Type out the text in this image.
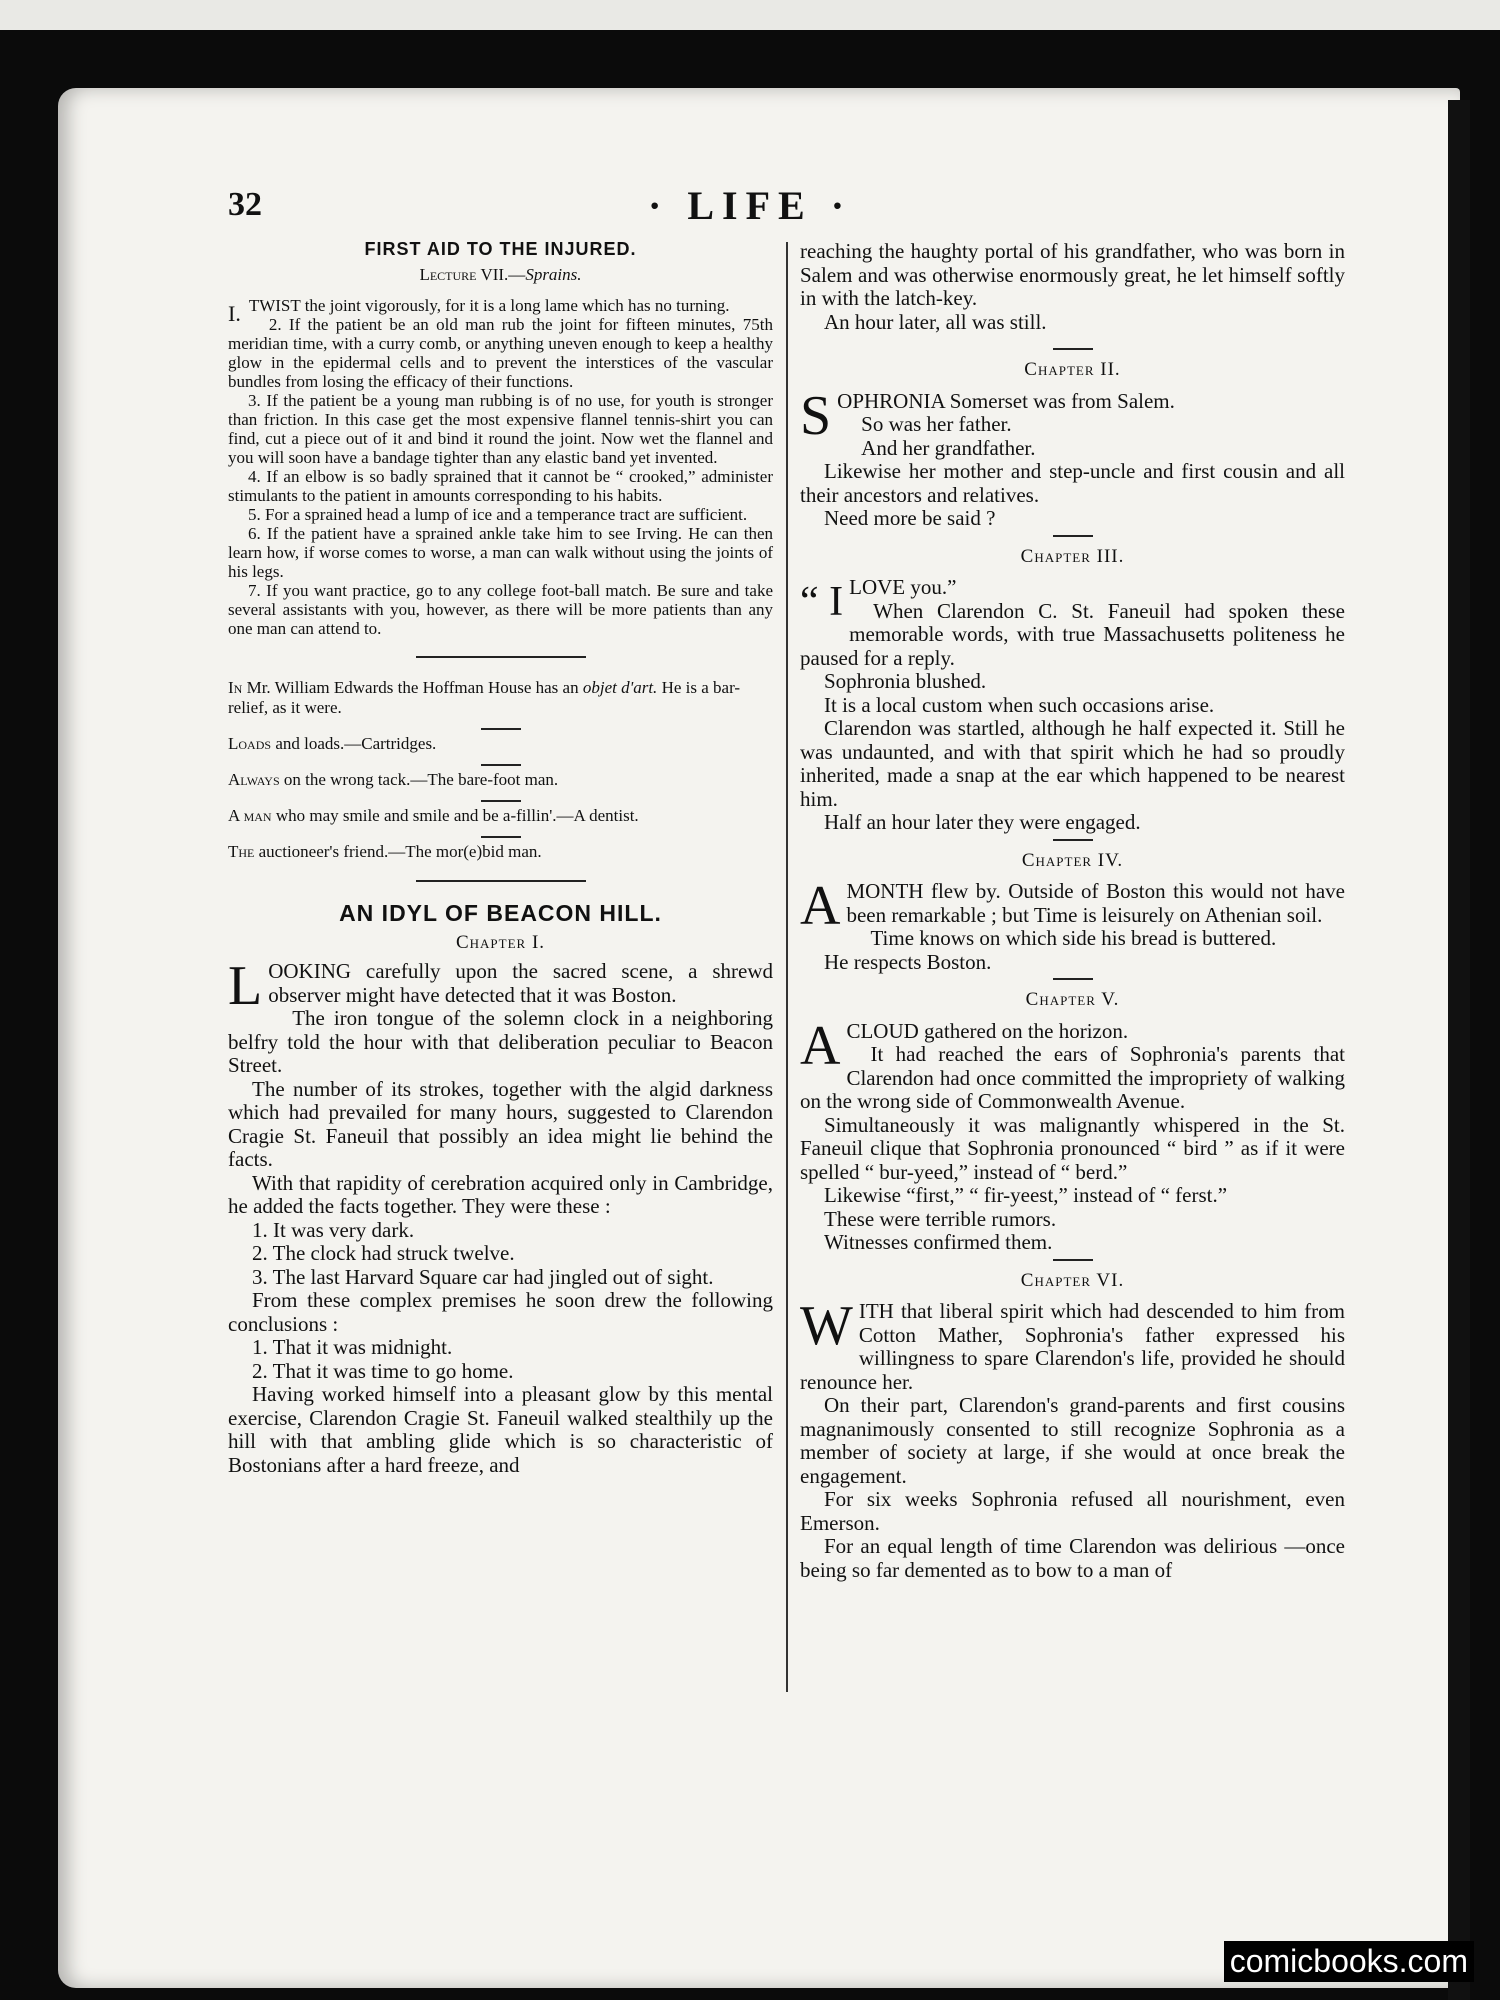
32	· LIFE ·
FIRST AID TO THE INJURED.
Lecture VII.—Sprains.

I. TWIST the joint vigorously, for it is a long lame which has no turning.

2. If the patient be an old man rub the joint for fifteen minutes, 75th meridian time, with a curry comb, or anything uneven enough to keep a healthy glow in the epidermal cells and to prevent the interstices of the vascular bundles from losing the efficacy of their functions.

3. If the patient be a young man rubbing is of no use, for youth is stronger than friction. In this case get the most expensive flannel tennis-shirt you can find, cut a piece out of it and bind it round the joint. Now wet the flannel and you will soon have a bandage tighter than any elastic band yet invented.

4. If an elbow is so badly sprained that it cannot be “ crooked,” administer stimulants to the patient in amounts corresponding to his habits.

5. For a sprained head a lump of ice and a temperance tract are sufficient.

6. If the patient have a sprained ankle take him to see Irving. He can then learn how, if worse comes to worse, a man can walk without using the joints of his legs.

7. If you want practice, go to any college foot-ball match. Be sure and take several assistants with you, however, as there will be more patients than any one man can attend to.

In Mr. William Edwards the Hoffman House has an objet d'art. He is a bar-relief, as it were.

Loads and loads.—Cartridges.

Always on the wrong tack.—The bare-foot man.

A man who may smile and smile and be a-fillin'.—A dentist.

The auctioneer's friend.—The mor(e)bid man.

AN IDYL OF BEACON HILL.
Chapter I.

LOOKING carefully upon the sacred scene, a shrewd observer might have detected that it was Boston.

The iron tongue of the solemn clock in a neighboring belfry told the hour with that deliberation peculiar to Beacon Street.

The number of its strokes, together with the algid darkness which had prevailed for many hours, suggested to Clarendon Cragie St. Faneuil that possibly an idea might lie behind the facts.

With that rapidity of cerebration acquired only in Cambridge, he added the facts together. They were these :

1. It was very dark.

2. The clock had struck twelve.

3. The last Harvard Square car had jingled out of sight.

From these complex premises he soon drew the following conclusions :

1. That it was midnight.

2. That it was time to go home.

Having worked himself into a pleasant glow by this mental exercise, Clarendon Cragie St. Faneuil walked stealthily up the hill with that ambling glide which is so characteristic of Bostonians after a hard freeze, and

reaching the haughty portal of his grandfather, who was born in Salem and was otherwise enormously great, he let himself softly in with the latch-key.

An hour later, all was still.

Chapter II.

SOPHRONIA Somerset was from Salem.

So was her father.

And her grandfather.

Likewise her mother and step-uncle and first cousin and all their ancestors and relatives.

Need more be said ?

Chapter III.

“ I LOVE you.”

When Clarendon C. St. Faneuil had spoken these memorable words, with true Massachusetts politeness he paused for a reply.

Sophronia blushed.

It is a local custom when such occasions arise.

Clarendon was startled, although he half expected it. Still he was undaunted, and with that spirit which he had so proudly inherited, made a snap at the ear which happened to be nearest him.

Half an hour later they were engaged.

Chapter IV.

AMONTH flew by. Outside of Boston this would not have been remarkable ; but Time is leisurely on Athenian soil.

Time knows on which side his bread is buttered.

He respects Boston.

Chapter V.

ACLOUD gathered on the horizon.

It had reached the ears of Sophronia's parents that Clarendon had once committed the impropriety of walking on the wrong side of Commonwealth Avenue.

Simultaneously it was malignantly whispered in the St. Faneuil clique that Sophronia pronounced “ bird ” as if it were spelled “ bur-yeed,” instead of “ berd.”

Likewise “first,” “ fir-yeest,” instead of “ ferst.”

These were terrible rumors.

Witnesses confirmed them.

Chapter VI.

WITH that liberal spirit which had descended to him from Cotton Mather, Sophronia's father expressed his willingness to spare Clarendon's life, provided he should renounce her.

On their part, Clarendon's grand-parents and first cousins magnanimously consented to still recognize Sophronia as a member of society at large, if she would at once break the engagement.

For six weeks Sophronia refused all nourishment, even Emerson.

For an equal length of time Clarendon was delirious —once being so far demented as to bow to a man of

comicbooks.com
